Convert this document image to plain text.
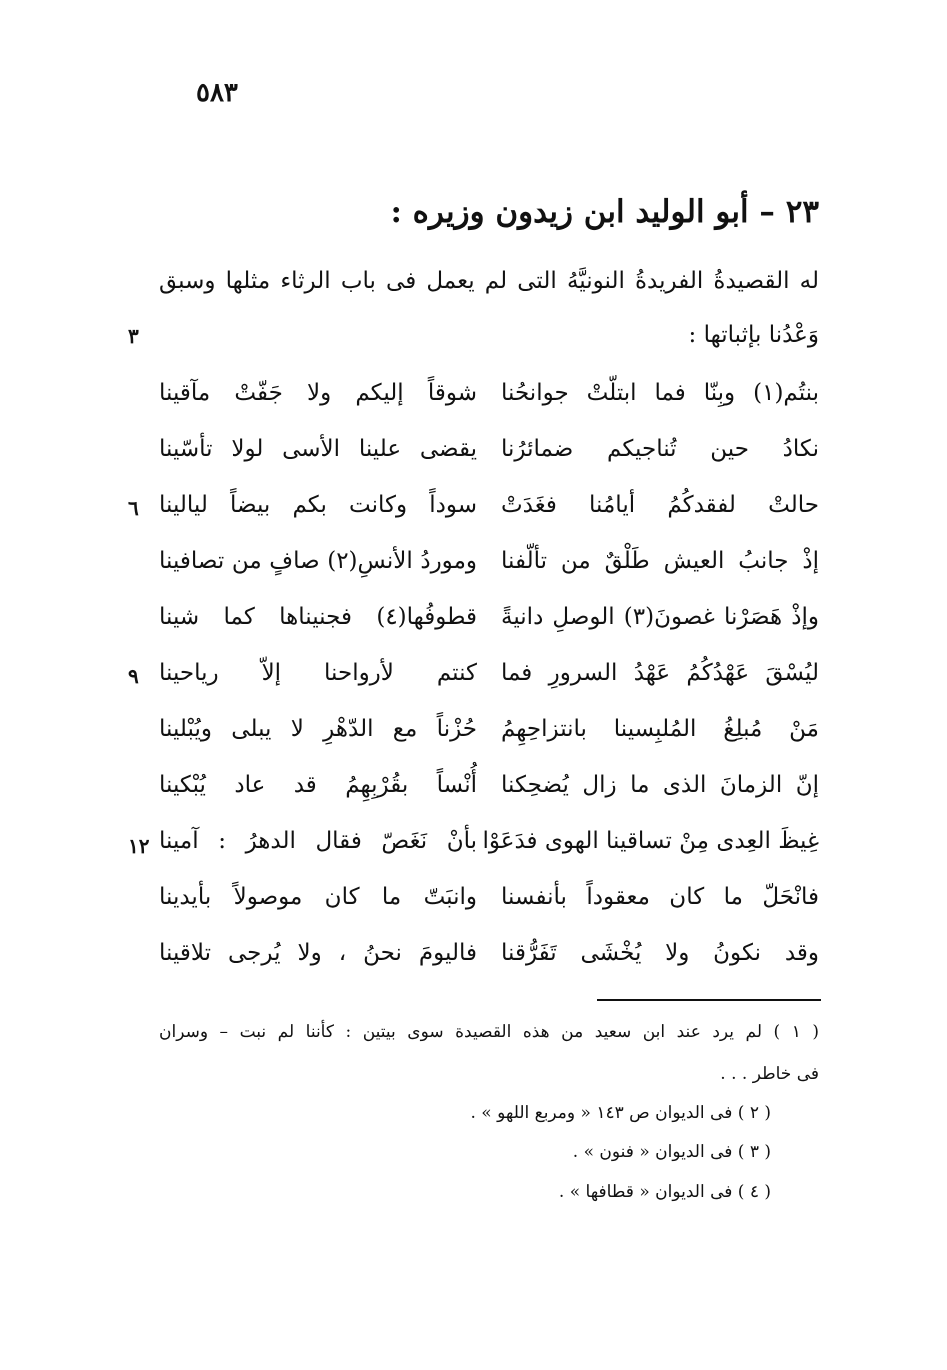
٥٨٣
٢٣ – أبو الوليد ابن زيدون وزيره :
له القصيدةُ الفريدةُ النونيَّهُ التى لم يعمل فى باب الرثاء مثلها وسبق
وَعْدُنا بإثباتها :
٣
٦
٩
١٢
بنتُم(١) وبِنّا فما ابتلّتْ جوانحُنا
شوقاً إليكم ولا جَفّتْ مآقينا
نكادُ حين تُناجيكم ضمائرُنا
يقضى علينا الأسى لولا تأسّينا
حالتْ لفقدكُمُ أيامُنا فغَدَتْ
سوداً وكانت بكم بيضاً ليالينا
إذْ جانبُ العيش طَلْقٌ من تألّفنا
وموردُ الأنسِ(٢) صافٍ من تصافينا
وإذْ هَصَرْنا غصونَ(٣) الوصلِ دانيةً
قطوفُها(٤) فجنيناها كما شينا
ليُسْقَ عَهْدُكُمُ عَهْدُ السرورِ فما
كنتم لأرواحنا إلاّ رياحينا
مَنْ مُبلِغُ المُلبِسينا بانتزاحِهِمُ
حُزْناً مع الدّهْرِ لا يبلى ويُبْلينا
إنّ الزمانَ الذى ما زال يُضحِكنا
أُنْساً بقُرْبِهِمُ قد عاد يُبْكينا
غِيظَ العِدى مِنْ تساقينا الهوى فدَعَوْا
بأنْ نَغَصّ فقال الدهرُ : آمينا
فانْحَلّ ما كان معقوداً بأنفسنا
وانبَتّ ما كان موصولاً بأيدينا
وقد نكونُ ولا يُخْشَى تَفَرُّقنا
فاليومَ نحنُ ، ولا يُرجى تلاقينا
( ١ ) لم يرد عند ابن سعيد من هذه القصيدة سوى بيتين : كأننا لم نبت – وسران
فى خاطر . . .
( ٢ ) فى الديوان ص ١٤٣ « ومربع اللهو » .
( ٣ ) فى الديوان « فنون » .
( ٤ ) فى الديوان « قطافها » .
